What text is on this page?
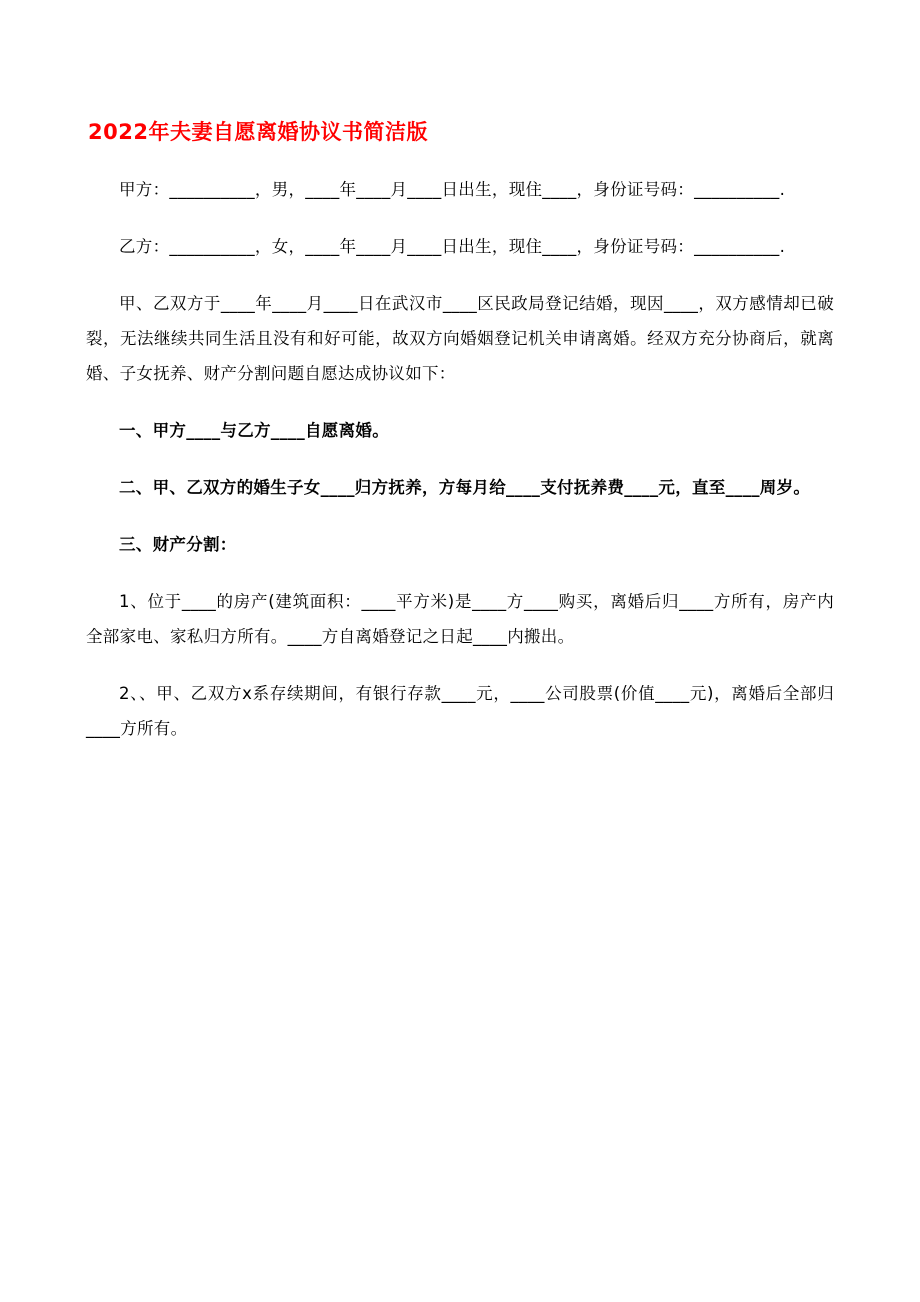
2022年夫妻自愿离婚协议书简洁版

甲方：__________，男，____年____月____日出生，现住____，身份证号码：__________.

乙方：__________，女，____年____月____日出生，现住____，身份证号码：__________.

甲、乙双方于____年____月____日在武汉市____区民政局登记结婚，现因____，双方感情却已破裂，无法继续共同生活且没有和好可能，故双方向婚姻登记机关申请离婚。经双方充分协商后，就离婚、子女抚养、财产分割问题自愿达成协议如下：

一、甲方____与乙方____自愿离婚。

二、甲、乙双方的婚生子女____归方抚养，方每月给____支付抚养费____元，直至____周岁。

三、财产分割：

1、位于____的房产(建筑面积：____平方米)是____方____购买，离婚后归____方所有，房产内全部家电、家私归方所有。____方自离婚登记之日起____内搬出。

2、、甲、乙双方x系存续期间，有银行存款____元，____公司股票(价值____元)，离婚后全部归____方所有。
